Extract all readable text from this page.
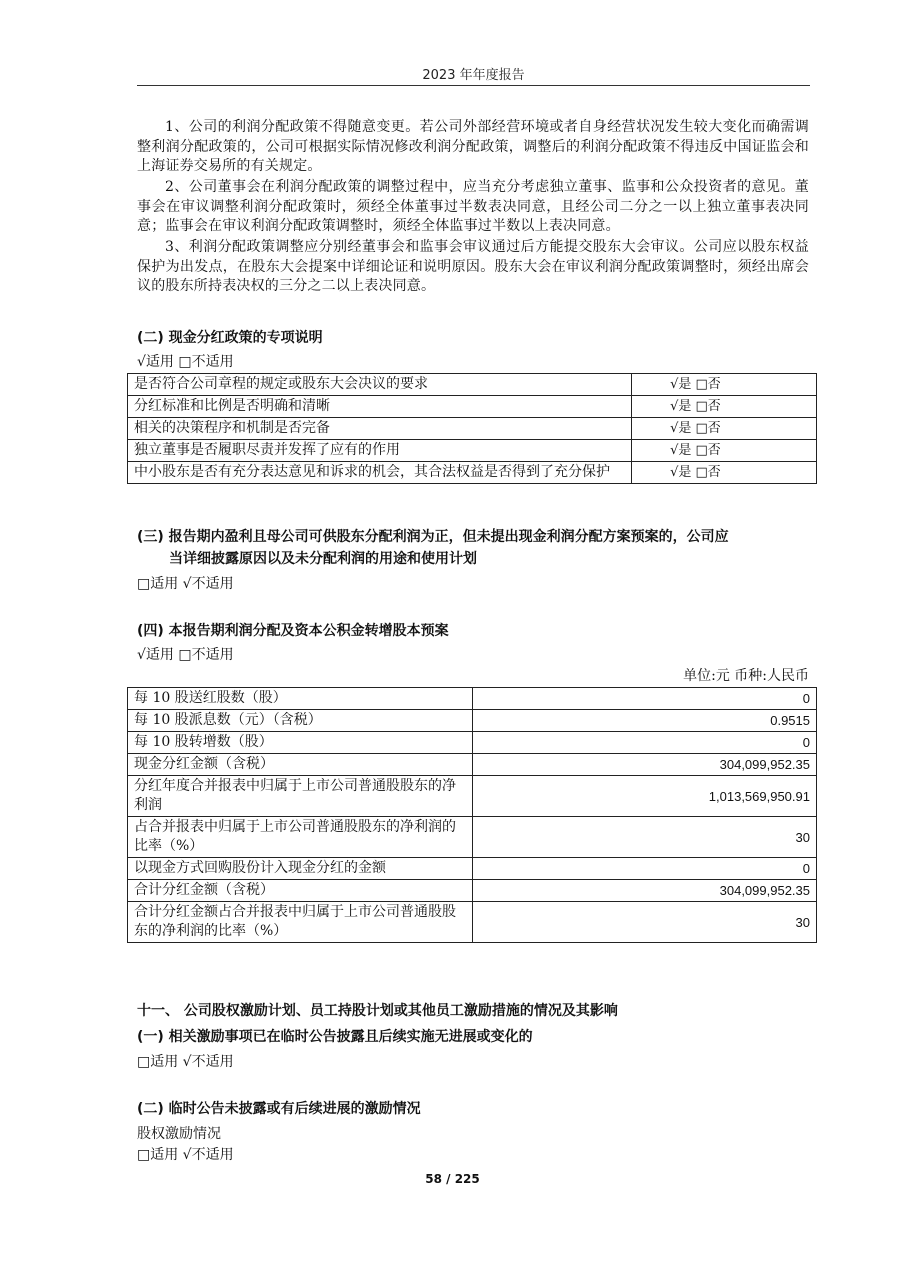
2023 年年度报告
1、公司的利润分配政策不得随意变更。若公司外部经营环境或者自身经营状况发生较大变化而确需调整利润分配政策的，公司可根据实际情况修改利润分配政策，调整后的利润分配政策不得违反中国证监会和上海证券交易所的有关规定。
2、公司董事会在利润分配政策的调整过程中，应当充分考虑独立董事、监事和公众投资者的意见。董事会在审议调整利润分配政策时，须经全体董事过半数表决同意，且经公司二分之一以上独立董事表决同意；监事会在审议利润分配政策调整时，须经全体监事过半数以上表决同意。
3、利润分配政策调整应分别经董事会和监事会审议通过后方能提交股东大会审议。公司应以股东权益保护为出发点，在股东大会提案中详细论证和说明原因。股东大会在审议利润分配政策调整时，须经出席会议的股东所持表决权的三分之二以上表决同意。
(二) 现金分红政策的专项说明
√适用 □不适用
是否符合公司章程的规定或股东大会决议的要求	√是 □否
分红标准和比例是否明确和清晰	√是 □否
相关的决策程序和机制是否完备	√是 □否
独立董事是否履职尽责并发挥了应有的作用	√是 □否
中小股东是否有充分表达意见和诉求的机会，其合法权益是否得到了充分保护	√是 □否
(三) 报告期内盈利且母公司可供股东分配利润为正，但未提出现金利润分配方案预案的，公司应
当详细披露原因以及未分配利润的用途和使用计划
□适用 √不适用
(四) 本报告期利润分配及资本公积金转增股本预案
√适用 □不适用
单位:元 币种:人民币
每 10 股送红股数（股）	0
每 10 股派息数（元）（含税）	0.9515
每 10 股转增数（股）	0
现金分红金额（含税）	304,099,952.35
分红年度合并报表中归属于上市公司普通股股东的净利润	1,013,569,950.91
占合并报表中归属于上市公司普通股股东的净利润的比率（%）	30
以现金方式回购股份计入现金分红的金额	0
合计分红金额（含税）	304,099,952.35
合计分红金额占合并报表中归属于上市公司普通股股东的净利润的比率（%）	30
十一、 公司股权激励计划、员工持股计划或其他员工激励措施的情况及其影响
(一) 相关激励事项已在临时公告披露且后续实施无进展或变化的
□适用 √不适用
(二) 临时公告未披露或有后续进展的激励情况
股权激励情况
□适用 √不适用
58 / 225
